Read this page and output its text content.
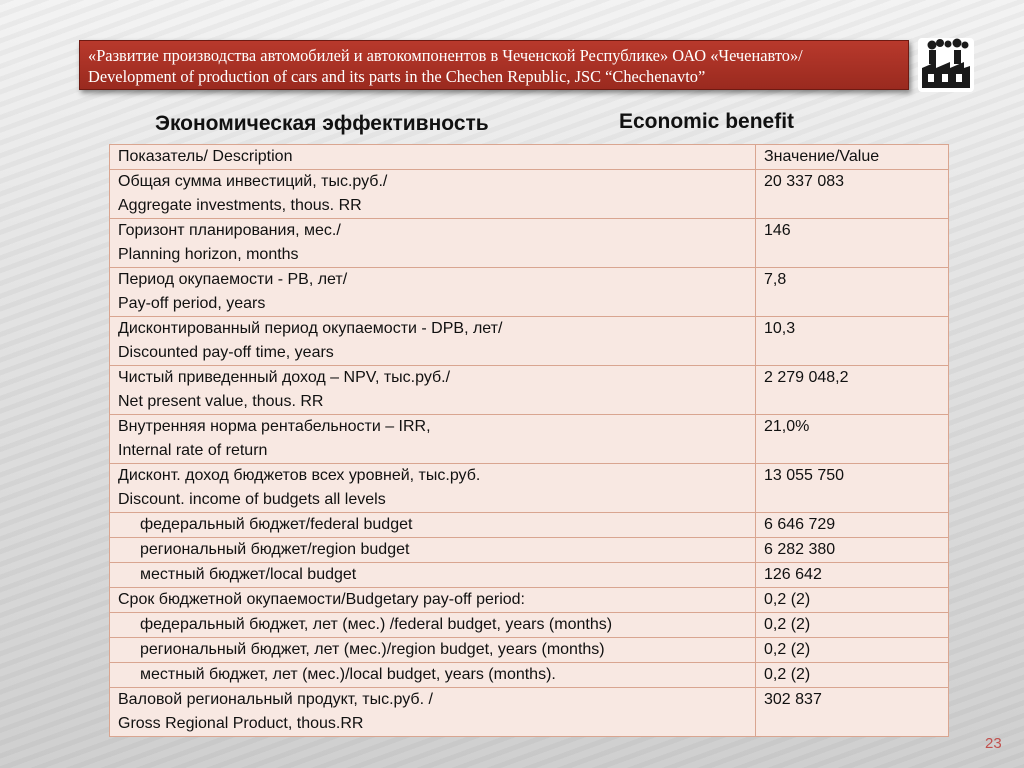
«Развитие производства автомобилей и автокомпонентов в Чеченской Республике» ОАО «Чеченавто»/
Development of production of cars and its parts in the Chechen Republic, JSC “Chechenavto”
Экономическая эффективность	Economic benefit
Показатель/ Description	Значение/Value

Общая сумма инвестиций, тыс.руб./
Aggregate investments, thous. RR	20 337 083

Горизонт планирования, мес./
Planning horizon, months	146

Период окупаемости - PB, лет/
Pay-off period, years	7,8

Дисконтированный период окупаемости - DPB, лет/
Discounted pay-off time, years	10,3

Чистый приведенный доход – NPV, тыс.руб./
Net present value, thous. RR	2 279 048,2

Внутренняя норма рентабельности – IRR,
Internal rate of return	21,0%

Дисконт. доход бюджетов всех уровней, тыс.руб.
Discount. income of budgets all levels	13 055 750

федеральный бюджет/federal budget	6 646 729

региональный бюджет/region budget	6 282 380

местный бюджет/local budget	126 642

Срок бюджетной окупаемости/Budgetary pay-off period:	0,2 (2)

федеральный бюджет, лет (мес.) /federal budget, years (months)	0,2 (2)

региональный бюджет, лет (мес.)/region budget, years (months)	0,2 (2)

местный бюджет, лет (мес.)/local budget, years (months).	0,2 (2)

Валовой региональный продукт, тыс.руб. /
Gross Regional Product, thous.RR	302 837
23
